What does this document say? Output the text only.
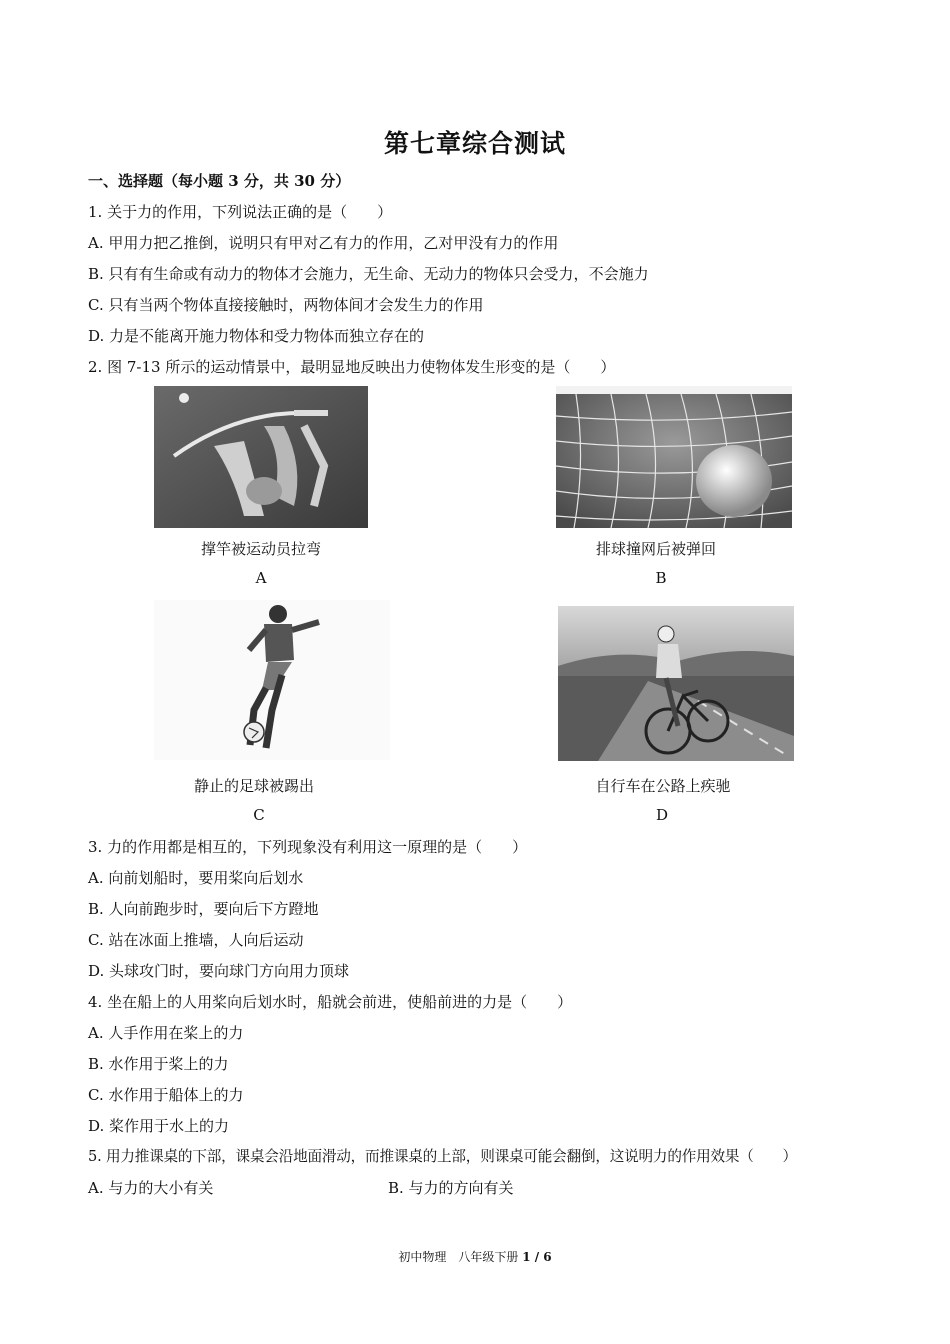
第七章综合测试
一、选择题（每小题 3 分，共 30 分）
1. 关于力的作用，下列说法正确的是（　　）
A. 甲用力把乙推倒，说明只有甲对乙有力的作用，乙对甲没有力的作用
B. 只有有生命或有动力的物体才会施力，无生命、无动力的物体只会受力，不会施力
C. 只有当两个物体直接接触时，两物体间才会发生力的作用
D. 力是不能离开施力物体和受力物体而独立存在的
2. 图 7-13 所示的运动情景中，最明显地反映出力使物体发生形变的是（　　）
撑竿被运动员拉弯
A
排球撞网后被弹回
B
静止的足球被踢出
C
自行车在公路上疾驰
D
3. 力的作用都是相互的，下列现象没有利用这一原理的是（　　）
A. 向前划船时，要用桨向后划水
B. 人向前跑步时，要向后下方蹬地
C. 站在冰面上推墙，人向后运动
D. 头球攻门时，要向球门方向用力顶球
4. 坐在船上的人用桨向后划水时，船就会前进，使船前进的力是（　　）
A. 人手作用在桨上的力
B. 水作用于桨上的力
C. 水作用于船体上的力
D. 桨作用于水上的力
5. 用力推课桌的下部，课桌会沿地面滑动，而推课桌的上部，则课桌可能会翻倒，这说明力的作用效果（　　）
A. 与力的大小有关	B. 与力的方向有关
初中物理　八年级下册 1 / 6
